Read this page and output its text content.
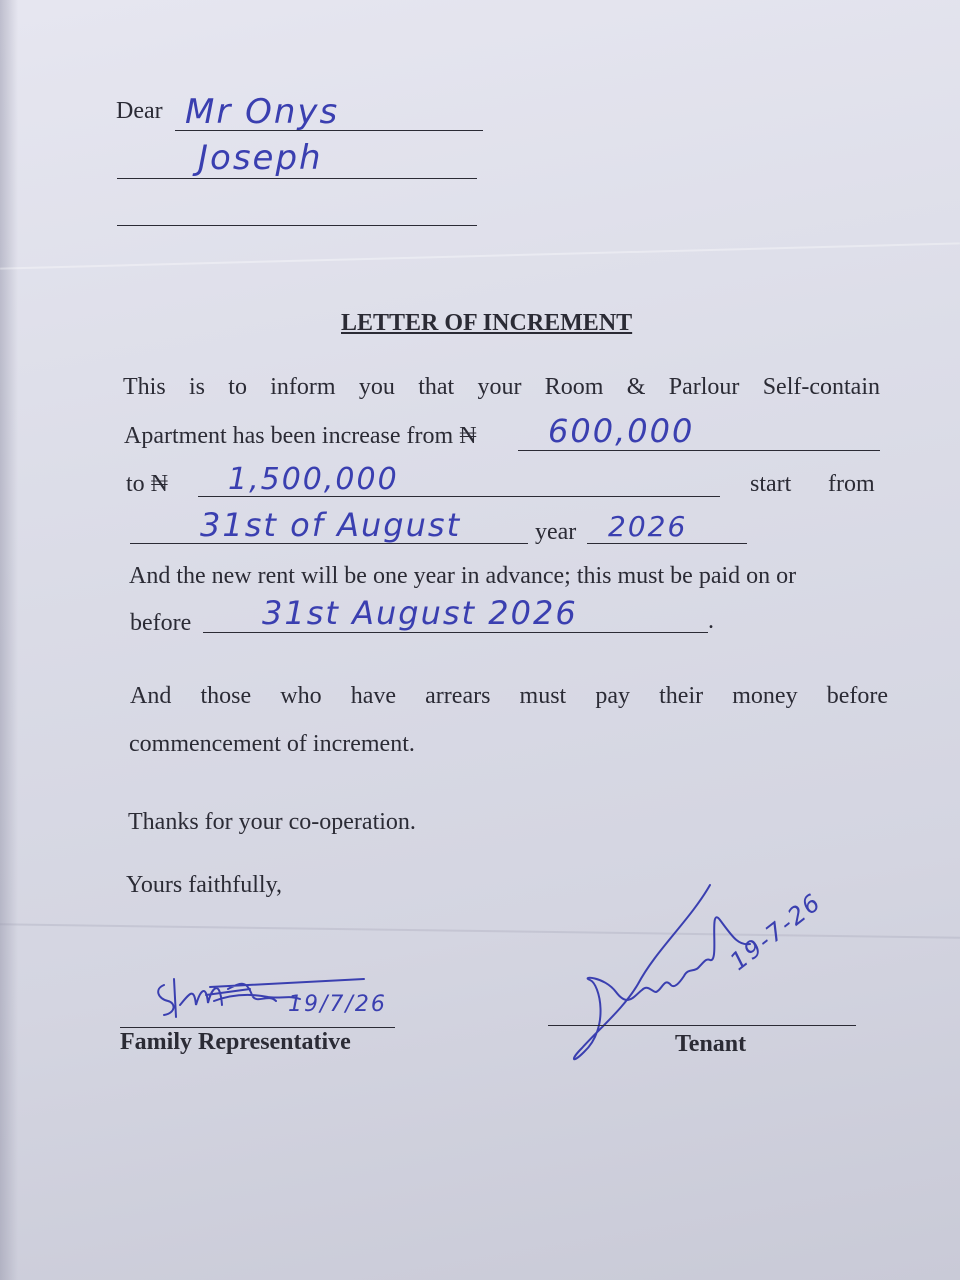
Dear Mr Onys
Joseph
LETTER OF INCREMENT
This is to inform you that your Room & Parlour Self-contain
Apartment has been increase from ₦ 600,000
to ₦ 1,500,000	start from
31st of August	year 2026
And the new rent will be one year in advance; this must be paid on or
before 31st August 2026	.
And those who have arrears must pay their money before
commencement of increment.
Thanks for your co-operation.
Yours faithfully,
19/7/26
Family Representative
19-7-26
Tenant
